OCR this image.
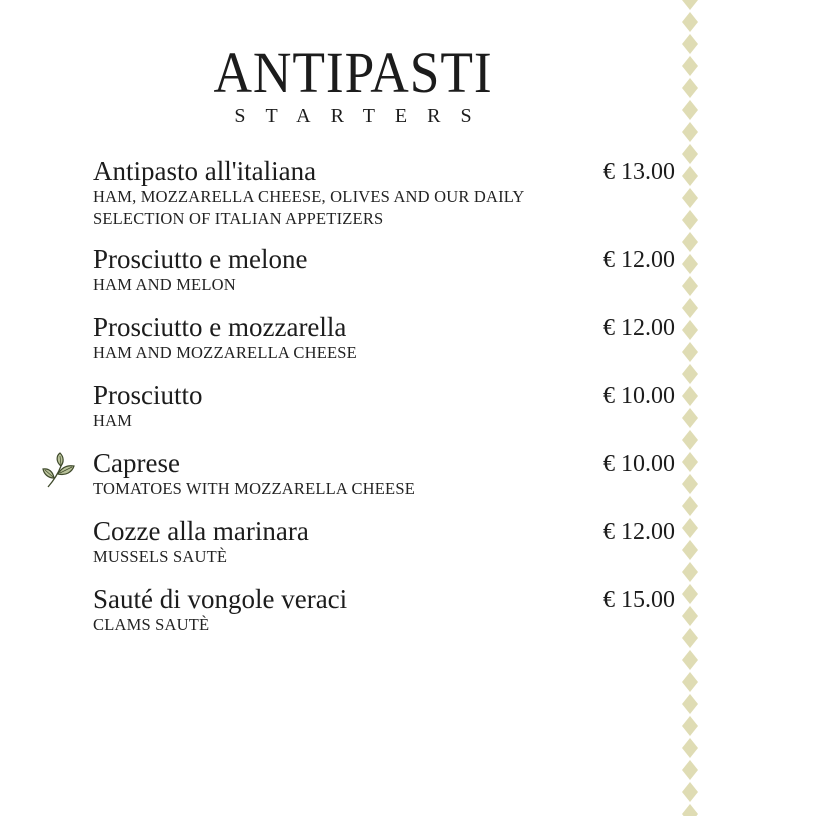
ANTIPASTI
STARTERS
Antipasto all'italiana
HAM, MOZZARELLA CHEESE, OLIVES AND OUR DAILY SELECTION OF ITALIAN APPETIZERS
€ 13.00
Prosciutto e melone
HAM AND MELON
€ 12.00
Prosciutto e mozzarella
HAM AND MOZZARELLA CHEESE
€ 12.00
Prosciutto
HAM
€ 10.00
Caprese
TOMATOES WITH MOZZARELLA CHEESE
€ 10.00
Cozze alla marinara
MUSSELS SAUTÈ
€ 12.00
Sauté di vongole veraci
CLAMS SAUTÈ
€ 15.00
